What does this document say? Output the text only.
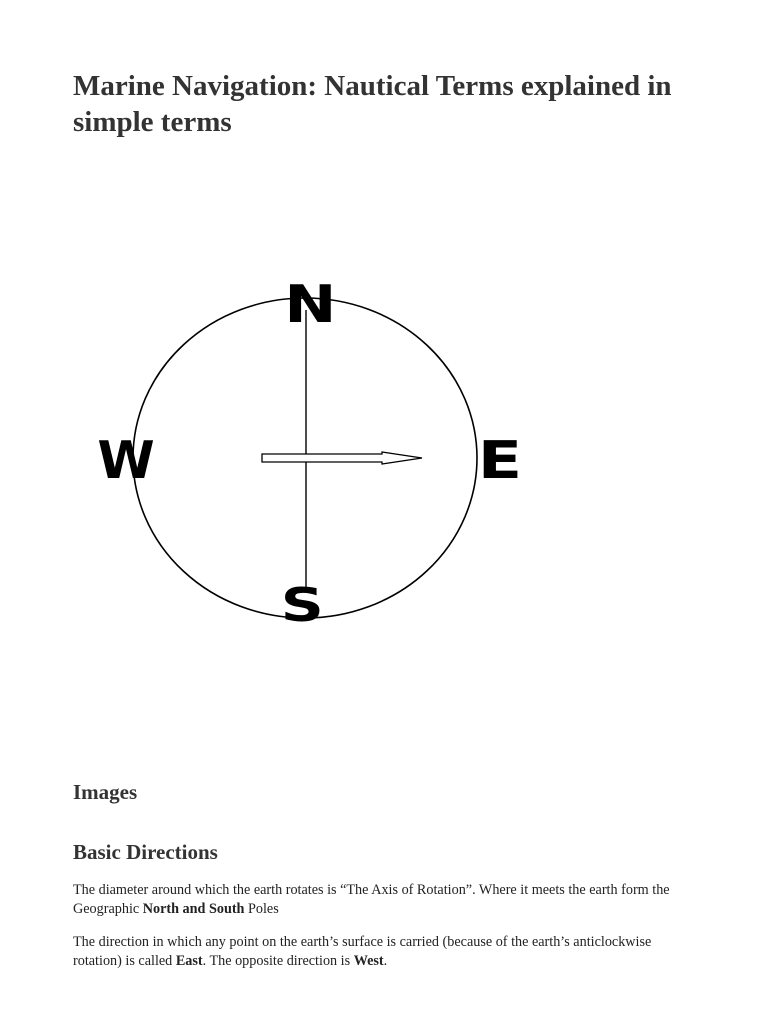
Marine Navigation: Nautical Terms explained in simple terms
N
W	E
S
Images
Basic Directions

The diameter around which the earth rotates is “The Axis of Rotation”. Where it meets the earth form the Geographic North and South Poles

The direction in which any point on the earth’s surface is carried (because of the earth’s anticlockwise rotation) is called East. The opposite direction is West.
